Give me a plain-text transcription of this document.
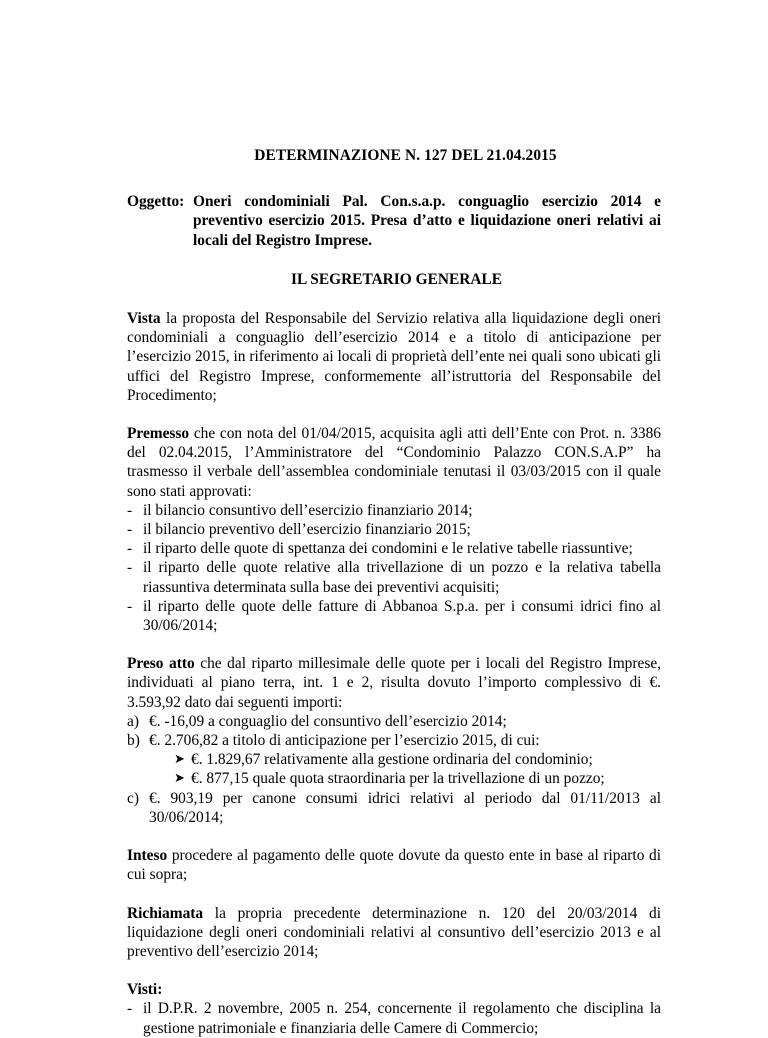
DETERMINAZIONE N. 127 DEL 21.04.2015
Oggetto: Oneri condominiali Pal. Con.s.a.p. conguaglio esercizio 2014 e preventivo esercizio 2015. Presa d’atto e liquidazione oneri relativi ai locali del Registro Imprese.
IL SEGRETARIO GENERALE

Vista la proposta del Responsabile del Servizio relativa alla liquidazione degli oneri condominiali a conguaglio dell’esercizio 2014 e a titolo di anticipazione per l’esercizio 2015, in riferimento ai locali di proprietà dell’ente nei quali sono ubicati gli uffici del Registro Imprese, conformemente all’istruttoria del Responsabile del Procedimento;

Premesso che con nota del 01/04/2015, acquisita agli atti dell’Ente con Prot. n. 3386 del 02.04.2015, l’Amministratore del “Condominio Palazzo CON.S.A.P” ha trasmesso il verbale dell’assemblea condominiale tenutasi il 03/03/2015 con il quale sono stati approvati:

- il bilancio consuntivo dell’esercizio finanziario 2014;
- il bilancio preventivo dell’esercizio finanziario 2015;
- il riparto delle quote di spettanza dei condomini e le relative tabelle riassuntive;
- il riparto delle quote relative alla trivellazione di un pozzo e la relativa tabella riassuntiva determinata sulla base dei preventivi acquisiti;
- il riparto delle quote delle fatture di Abbanoa S.p.a. per i consumi idrici fino al 30/06/2014;

Preso atto che dal riparto millesimale delle quote per i locali del Registro Imprese, individuati al piano terra, int. 1 e 2, risulta dovuto l’importo complessivo di €. 3.593,92 dato dai seguenti importi:

a) €. -16,09 a conguaglio del consuntivo dell’esercizio 2014;
b) €. 2.706,82 a titolo di anticipazione per l’esercizio 2015, di cui:
➤ €. 1.829,67 relativamente alla gestione ordinaria del condominio;
➤ €. 877,15 quale quota straordinaria per la trivellazione di un pozzo;
c) €. 903,19 per canone consumi idrici relativi al periodo dal 01/11/2013 al 30/06/2014;

Inteso procedere al pagamento delle quote dovute da questo ente in base al riparto di cui sopra;

Richiamata la propria precedente determinazione n. 120 del 20/03/2014 di liquidazione degli oneri condominiali relativi al consuntivo dell’esercizio 2013 e al preventivo dell’esercizio 2014;

Visti:

- il D.P.R. 2 novembre, 2005 n. 254, concernente il regolamento che disciplina la gestione patrimoniale e finanziaria delle Camere di Commercio;
